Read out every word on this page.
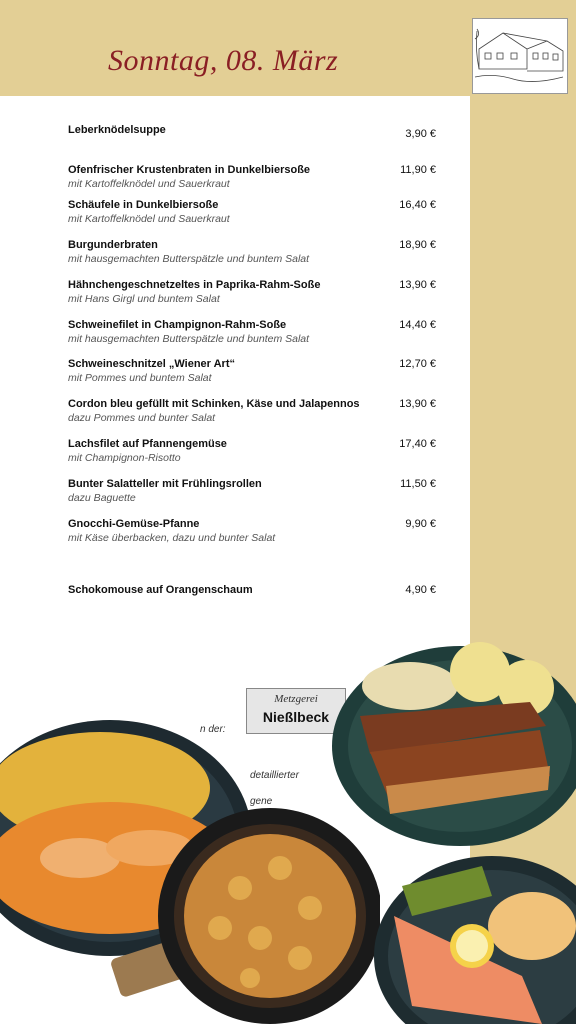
Sonntag, 08. März
Leberknödelsuppe	3,90 €
Ofenfrischer Krustenbraten in Dunkelbiersoße
mit Kartoffelknödel und Sauerkraut
11,90 €
Schäufele in Dunkelbiersoße
mit Kartoffelknödel und Sauerkraut
16,40 €
Burgunderbraten
mit hausgemachten Butterspätzle und buntem Salat
18,90 €
Hähnchengeschnetzeltes in Paprika-Rahm-Soße
mit Hans Girgl und buntem Salat
13,90 €
Schweinefilet in Champignon-Rahm-Soße
mit hausgemachten Butterspätzle und buntem Salat
14,40 €
Schweineschnitzel „Wiener Art“
mit Pommes und buntem Salat
12,70 €
Cordon bleu gefüllt mit Schinken, Käse und Jalapennos
dazu Pommes und bunter Salat
13,90 €
Lachsfilet auf Pfannengemüse
mit Champignon-Risotto
17,40 €
Bunter Salatteller mit Frühlingsrollen
dazu Baguette
11,50 €
Gnocchi-Gemüse-Pfanne
mit Käse überbacken, dazu und bunter Salat
9,90 €
Schokomouse auf Orangenschaum	4,90 €
Metzgerei
Nießlbeck
n der:
detaillierter
gene
